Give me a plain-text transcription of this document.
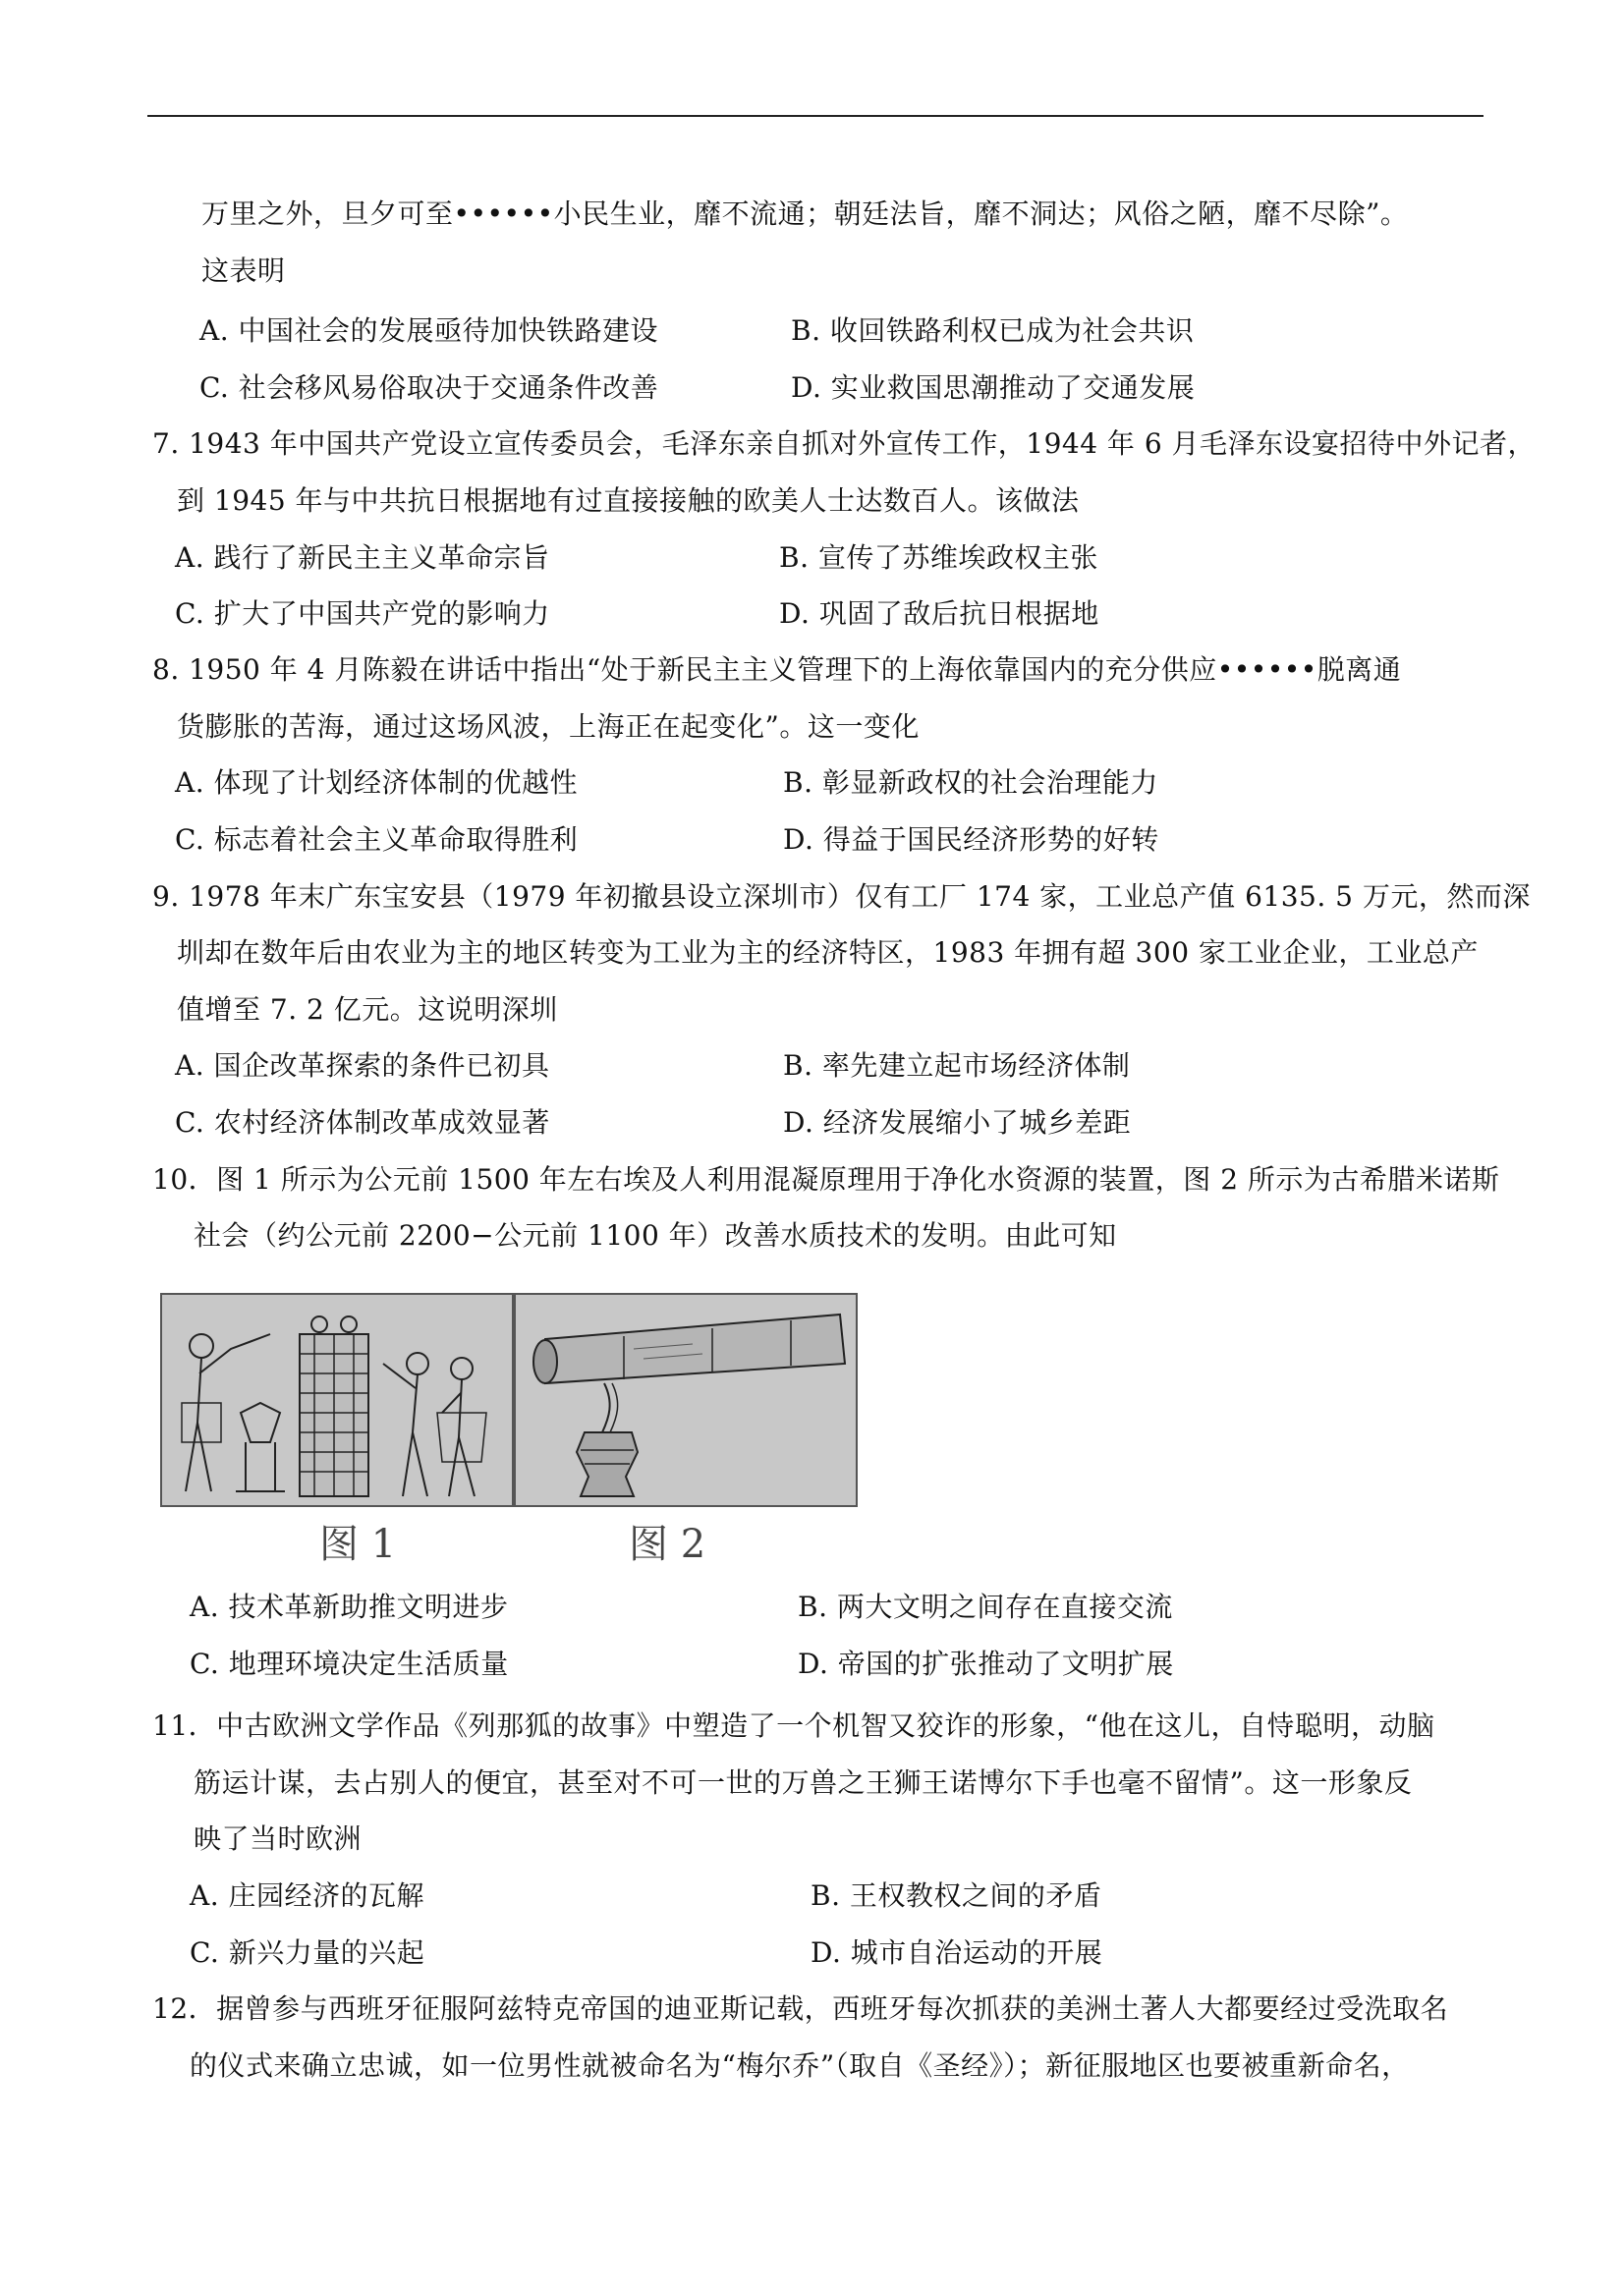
万里之外，旦夕可至••••••小民生业，靡不流通；朝廷法旨，靡不洞达；风俗之陋，靡不尽除”。
这表明
A. 中国社会的发展亟待加快铁路建设	B. 收回铁路利权已成为社会共识
C. 社会移风易俗取决于交通条件改善	D. 实业救国思潮推动了交通发展
7. 1943 年中国共产党设立宣传委员会，毛泽东亲自抓对外宣传工作，1944 年 6 月毛泽东设宴招待中外记者，
到 1945 年与中共抗日根据地有过直接接触的欧美人士达数百人。该做法
A. 践行了新民主主义革命宗旨	B. 宣传了苏维埃政权主张
C. 扩大了中国共产党的影响力	D. 巩固了敌后抗日根据地
8. 1950 年 4 月陈毅在讲话中指出“处于新民主主义管理下的上海依靠国内的充分供应••••••脱离通
货膨胀的苦海，通过这场风波，上海正在起变化”。这一变化
A. 体现了计划经济体制的优越性	B. 彰显新政权的社会治理能力
C. 标志着社会主义革命取得胜利	D. 得益于国民经济形势的好转
9. 1978 年末广东宝安县（1979 年初撤县设立深圳市）仅有工厂 174 家，工业总产值 6135. 5 万元，然而深
圳却在数年后由农业为主的地区转变为工业为主的经济特区，1983 年拥有超 300 家工业企业，工业总产
值增至 7. 2 亿元。这说明深圳
A. 国企改革探索的条件已初具	B. 率先建立起市场经济体制
C. 农村经济体制改革成效显著	D. 经济发展缩小了城乡差距
10．图 1 所示为公元前 1500 年左右埃及人利用混凝原理用于净化水资源的装置，图 2 所示为古希腊米诺斯
社会（约公元前 2200−公元前 1100 年）改善水质技术的发明。由此可知
图 1	图 2
A. 技术革新助推文明进步	B. 两大文明之间存在直接交流
C. 地理环境决定生活质量	D. 帝国的扩张推动了文明扩展
11．中古欧洲文学作品《列那狐的故事》中塑造了一个机智又狡诈的形象，“他在这儿，自恃聪明，动脑
筋运计谋，去占别人的便宜，甚至对不可一世的万兽之王狮王诺博尔下手也毫不留情”。这一形象反
映了当时欧洲
A. 庄园经济的瓦解	B. 王权教权之间的矛盾
C. 新兴力量的兴起	D. 城市自治运动的开展
12．据曾参与西班牙征服阿兹特克帝国的迪亚斯记载，西班牙每次抓获的美洲土著人大都要经过受洗取名
的仪式来确立忠诚，如一位男性就被命名为“梅尔乔”（取自《圣经》）；新征服地区也要被重新命名，
